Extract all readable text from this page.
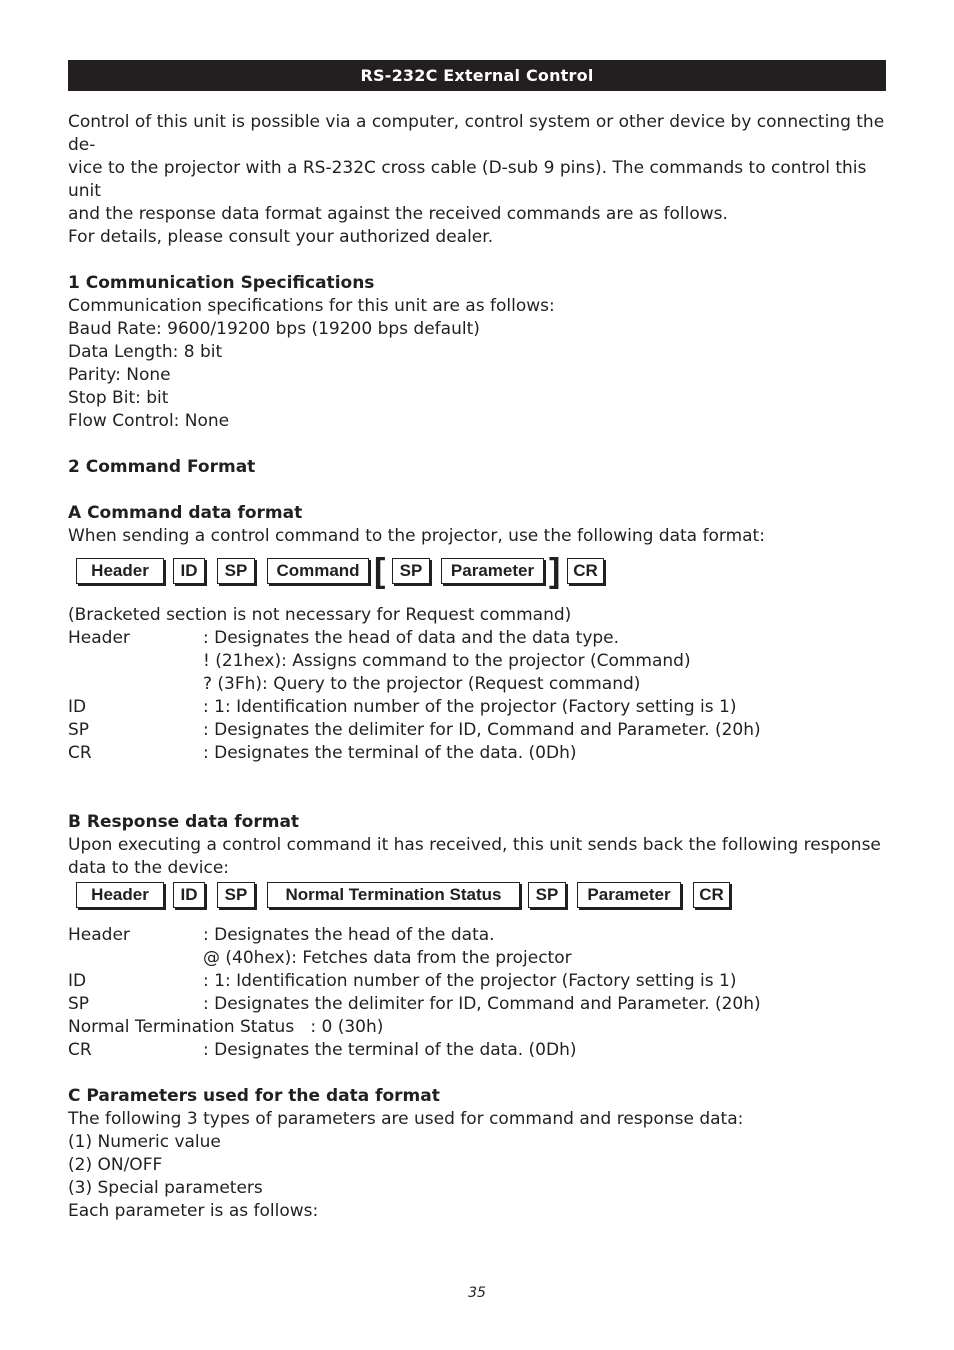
RS-232C External Control

Control of this unit is possible via a computer, control system or other device by connecting the de-

vice to the projector with a RS-232C cross cable (D-sub 9 pins). The commands to control this unit

and the response data format against the received commands are as follows.

For details, please consult your authorized dealer.

1 Communication Specifications

Communication specifications for this unit are as follows:

Baud Rate: 9600/19200 bps (19200 bps default)

Data Length: 8 bit

Parity: None

Stop Bit: bit

Flow Control: None

2 Command Format

A Command data format

When sending a control command to the projector, use the following data format:

Header	ID	SP	Command [ SP	Parameter ] CR

(Bracketed section is not necessary for Request command)

Header	: Designates the head of data and the data type.
! (21hex): Assigns command to the projector (Command)
? (3Fh): Query to the projector (Request command)
ID	: 1: Identification number of the projector (Factory setting is 1)
SP	: Designates the delimiter for ID, Command and Parameter. (20h)
CR	: Designates the terminal of the data. (0Dh)

B Response data format

Upon executing a control command it has received, this unit sends back the following response

data to the device:

Header	ID	SP	Normal Termination Status	SP	Parameter	CR
Header	: Designates the head of the data.
@ (40hex): Fetches data from the projector
ID	: 1: Identification number of the projector (Factory setting is 1)
SP	: Designates the delimiter for ID, Command and Parameter. (20h)
Normal Termination Status : 0 (30h)
CR	: Designates the terminal of the data. (0Dh)

C Parameters used for the data format

The following 3 types of parameters are used for command and response data:

(1) Numeric value

(2) ON/OFF

(3) Special parameters

Each parameter is as follows:

35
